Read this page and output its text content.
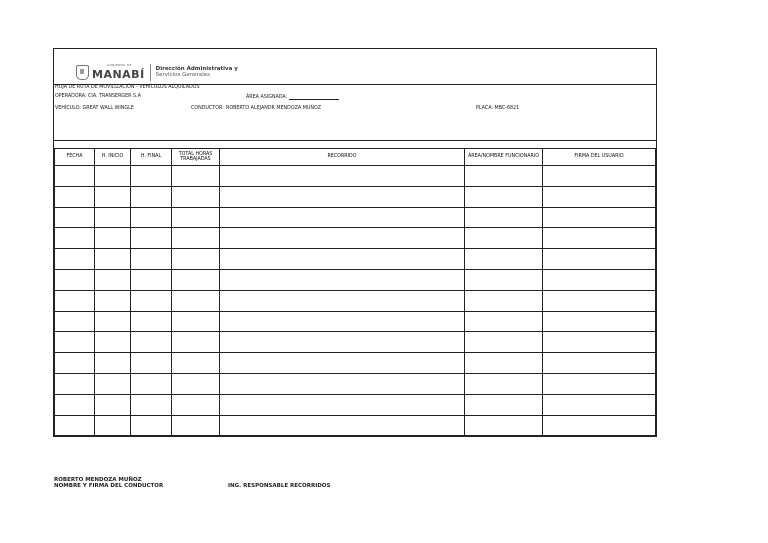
GOBIERNO DE
MANABÍ Dirección Administrativa y
Servicios Generales
HOJA DE RUTA DE MOVILIZACIÓN - VEHÍCULOS ALQUILADOS
OPERADORA: CIA. TRANSERGER S.A	ÁREA ASIGNADA:
VEHÍCULO: GREAT WALL WINGLE	CONDUCTOR: ROBERTO ALEJANDR MENDOZA MUÑOZ	PLACA: MBC-6821
FECHA	H. INICIO	H. FINAL	TOTAL HORAS TRABAJADAS	RECORRIDO	ÁREA/NOMBRE FUNCIONARIO	FIRMA DEL USUARIO

ROBERTO MENDOZA MUÑOZ
NOMBRE Y FIRMA DEL CONDUCTOR	ING. RESPONSABLE RECORRIDOS
